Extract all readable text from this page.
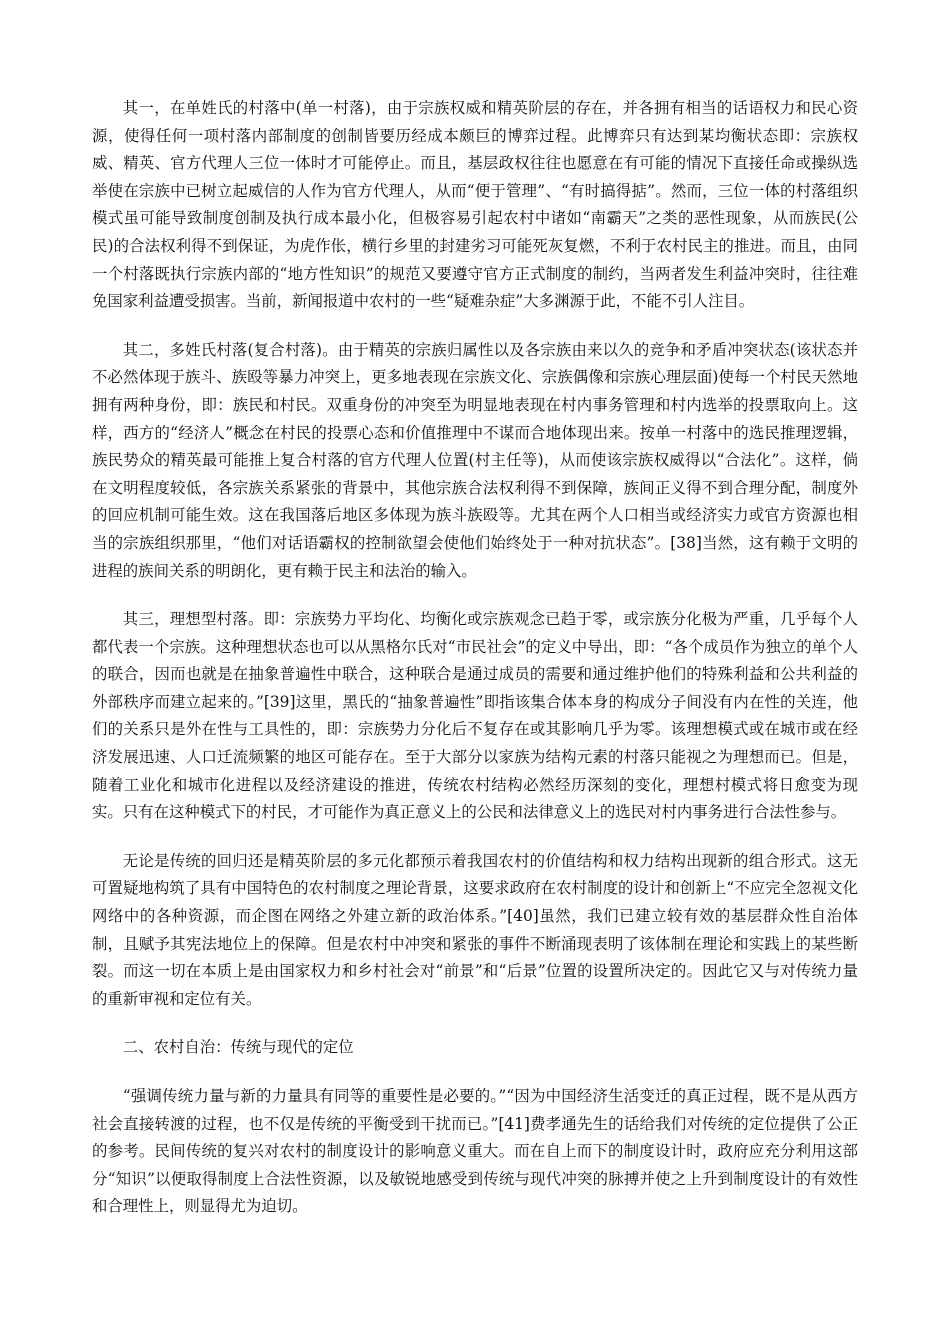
其一，在单姓氏的村落中(单一村落)，由于宗族权威和精英阶层的存在，并各拥有相当的话语权力和民心资源，使得任何一项村落内部制度的创制皆要历经成本颇巨的博弈过程。此博弈只有达到某均衡状态即：宗族权威、精英、官方代理人三位一体时才可能停止。而且，基层政权往往也愿意在有可能的情况下直接任命或操纵选举使在宗族中已树立起威信的人作为官方代理人，从而“便于管理”、“有时搞得掂”。然而，三位一体的村落组织模式虽可能导致制度创制及执行成本最小化，但极容易引起农村中诸如“南霸天”之类的恶性现象，从而族民(公民)的合法权利得不到保证，为虎作伥，横行乡里的封建劣习可能死灰复燃，不利于农村民主的推进。而且，由同一个村落既执行宗族内部的“地方性知识”的规范又要遵守官方正式制度的制约，当两者发生利益冲突时，往往难免国家利益遭受损害。当前，新闻报道中农村的一些“疑难杂症”大多渊源于此，不能不引人注目。

其二，多姓氏村落(复合村落)。由于精英的宗族归属性以及各宗族由来以久的竞争和矛盾冲突状态(该状态并不必然体现于族斗、族殴等暴力冲突上，更多地表现在宗族文化、宗族偶像和宗族心理层面)使每一个村民天然地拥有两种身份，即：族民和村民。双重身份的冲突至为明显地表现在村内事务管理和村内选举的投票取向上。这样，西方的“经济人”概念在村民的投票心态和价值推理中不谋而合地体现出来。按单一村落中的选民推理逻辑，族民势众的精英最可能推上复合村落的官方代理人位置(村主任等)，从而使该宗族权威得以“合法化”。这样，倘在文明程度较低，各宗族关系紧张的背景中，其他宗族合法权利得不到保障，族间正义得不到合理分配，制度外的回应机制可能生效。这在我国落后地区多体现为族斗族殴等。尤其在两个人口相当或经济实力或官方资源也相当的宗族组织那里，“他们对话语霸权的控制欲望会使他们始终处于一种对抗状态”。[38]当然，这有赖于文明的进程的族间关系的明朗化，更有赖于民主和法治的输入。

其三，理想型村落。即：宗族势力平均化、均衡化或宗族观念已趋于零，或宗族分化极为严重，几乎每个人都代表一个宗族。这种理想状态也可以从黑格尔氏对“市民社会”的定义中导出，即：“各个成员作为独立的单个人的联合，因而也就是在抽象普遍性中联合，这种联合是通过成员的需要和通过维护他们的特殊利益和公共利益的外部秩序而建立起来的。”[39]这里，黑氏的“抽象普遍性”即指该集合体本身的构成分子间没有内在性的关连，他们的关系只是外在性与工具性的，即：宗族势力分化后不复存在或其影响几乎为零。该理想模式或在城市或在经济发展迅速、人口迁流频繁的地区可能存在。至于大部分以家族为结构元素的村落只能视之为理想而已。但是，随着工业化和城市化进程以及经济建设的推进，传统农村结构必然经历深刻的变化，理想村模式将日愈变为现实。只有在这种模式下的村民，才可能作为真正意义上的公民和法律意义上的选民对村内事务进行合法性参与。

无论是传统的回归还是精英阶层的多元化都预示着我国农村的价值结构和权力结构出现新的组合形式。这无可置疑地构筑了具有中国特色的农村制度之理论背景，这要求政府在农村制度的设计和创新上“不应完全忽视文化网络中的各种资源，而企图在网络之外建立新的政治体系。”[40]虽然，我们已建立较有效的基层群众性自治体制，且赋予其宪法地位上的保障。但是农村中冲突和紧张的事件不断涌现表明了该体制在理论和实践上的某些断裂。而这一切在本质上是由国家权力和乡村社会对“前景”和“后景”位置的设置所决定的。因此它又与对传统力量的重新审视和定位有关。

二、农村自治：传统与现代的定位

“强调传统力量与新的力量具有同等的重要性是必要的。”“因为中国经济生活变迁的真正过程，既不是从西方社会直接转渡的过程，也不仅是传统的平衡受到干扰而已。”[41]费孝通先生的话给我们对传统的定位提供了公正的参考。民间传统的复兴对农村的制度设计的影响意义重大。而在自上而下的制度设计时，政府应充分利用这部分“知识”以便取得制度上合法性资源，以及敏锐地感受到传统与现代冲突的脉搏并使之上升到制度设计的有效性和合理性上，则显得尤为迫切。
